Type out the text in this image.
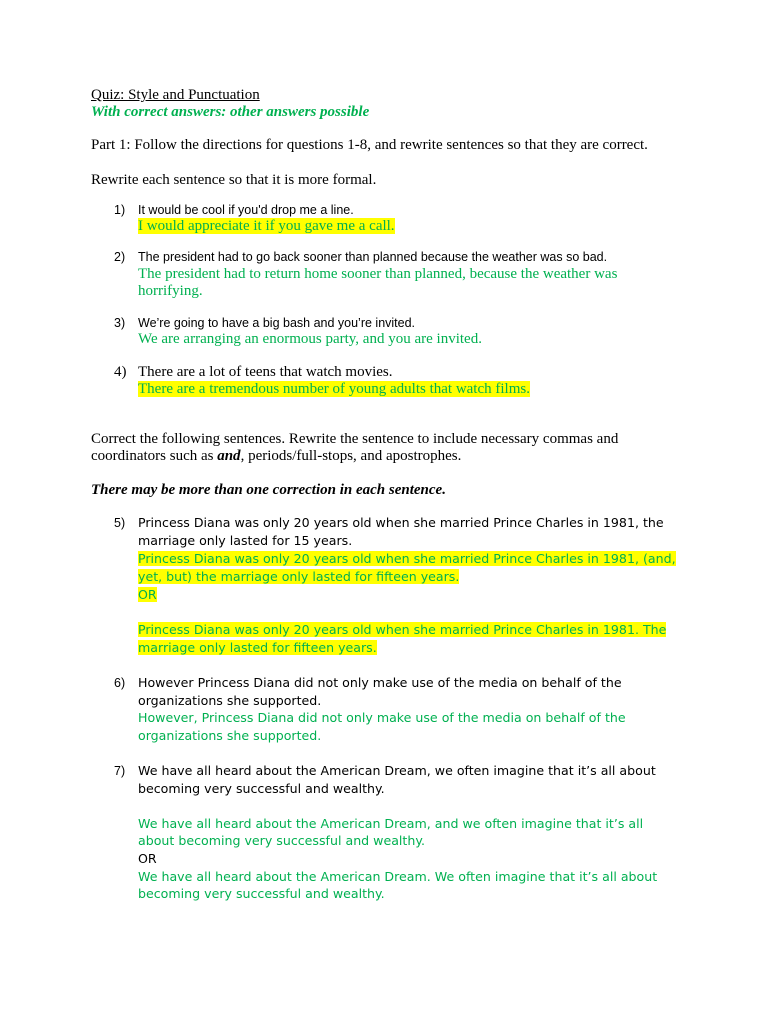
Quiz: Style and Punctuation
With correct answers: other answers possible
Part 1: Follow the directions for questions 1-8, and rewrite sentences so that they are correct.
Rewrite each sentence so that it is more formal.
1) It would be cool if you'd drop me a line.
I would appreciate it if you gave me a call.
2) The president had to go back sooner than planned because the weather was so bad.
The president had to return home sooner than planned, because the weather was
horrifying.
3) We’re going to have a big bash and you’re invited.
We are arranging an enormous party, and you are invited.
4) There are a lot of teens that watch movies.
There are a tremendous number of young adults that watch films.
Correct the following sentences. Rewrite the sentence to include necessary commas and
coordinators such as and, periods/full-stops, and apostrophes.
There may be more than one correction in each sentence.
5) Princess Diana was only 20 years old when she married Prince Charles in 1981, the
marriage only lasted for 15 years.
Princess Diana was only 20 years old when she married Prince Charles in 1981, (and,
yet, but) the marriage only lasted for fifteen years.
OR
Princess Diana was only 20 years old when she married Prince Charles in 1981. The
marriage only lasted for fifteen years.
6) However Princess Diana did not only make use of the media on behalf of the
organizations she supported.
However, Princess Diana did not only make use of the media on behalf of the
organizations she supported.
7) We have all heard about the American Dream, we often imagine that it’s all about
becoming very successful and wealthy.
We have all heard about the American Dream, and we often imagine that it’s all
about becoming very successful and wealthy.
OR
We have all heard about the American Dream. We often imagine that it’s all about
becoming very successful and wealthy.
